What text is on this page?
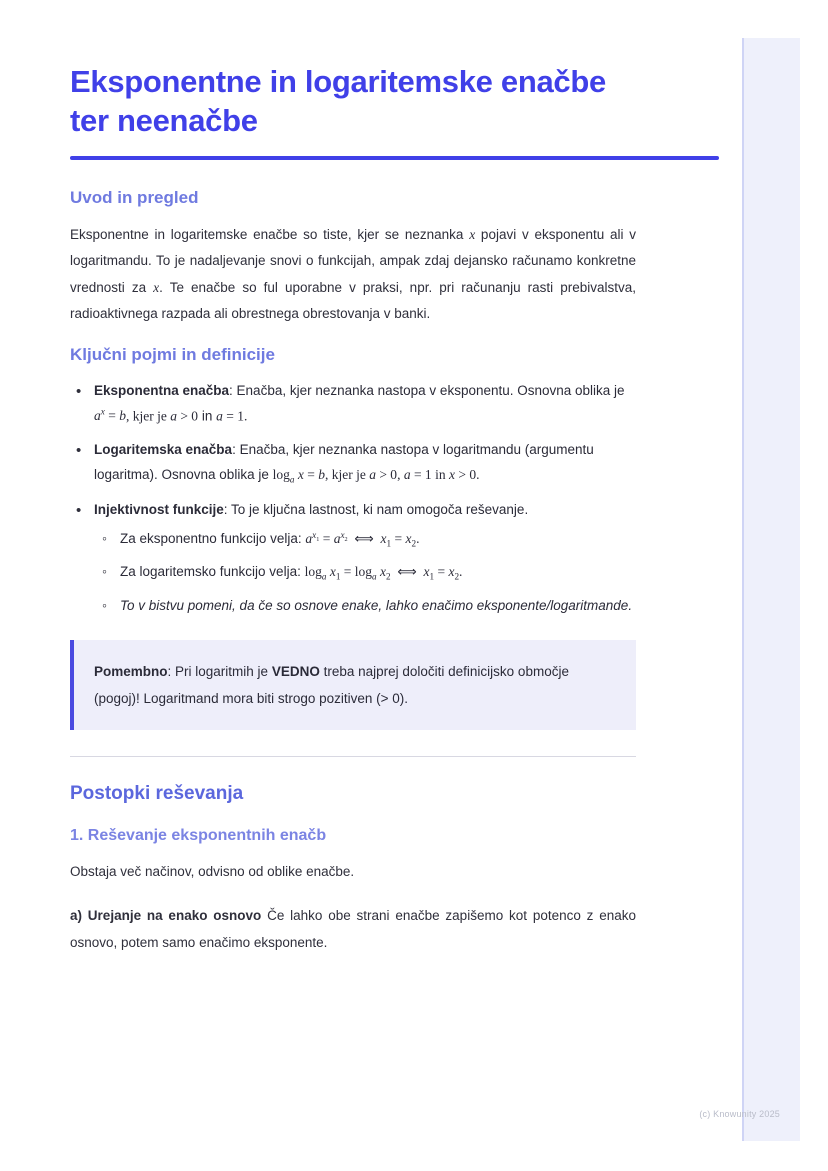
Eksponentne in logaritemske enačbe ter neenačbe
Uvod in pregled

Eksponentne in logaritemske enačbe so tiste, kjer se neznanka x pojavi v eksponentu ali v logaritmandu. To je nadaljevanje snovi o funkcijah, ampak zdaj dejansko računamo konkretne vrednosti za x. Te enačbe so ful uporabne v praksi, npr. pri računanju rasti prebivalstva, radioaktivnega razpada ali obrestnega obrestovanja v banki.

Ključni pojmi in definicije
• Eksponentna enačba: Enačba, kjer neznanka nastopa v eksponentu. Osnovna oblika je $a^x = b$, kjer je a > 0 in a = 1.
• Logaritemska enačba: Enačba, kjer neznanka nastopa v logaritmandu (argumentu logaritma). Osnovna oblika je $\log_a x = b$, kjer je a > 0, a = 1 in x > 0.
• Injektivnost funkcije: To je ključna lastnost, ki nam omogoča reševanje.
◦ Za eksponentno funkcijo velja: $a^{x_1} = a^{x_2}$  ⟺  $x_1 = x_2$.
◦ Za logaritemsko funkcijo velja: $\log_a x_1 = \log_a x_2$  ⟺  $x_1 = x_2$.
◦ To v bistvu pomeni, da če so osnove enake, lahko enačimo eksponente/logaritmande.
Pomembno: Pri logaritmih je VEDNO treba najprej določiti definicijsko območje (pogoj)! Logaritmand mora biti strogo pozitiven (> 0).
Postopki reševanja
1. Reševanje eksponentnih enačb

Obstaja več načinov, odvisno od oblike enačbe.

a) Urejanje na enako osnovo Če lahko obe strani enačbe zapišemo kot potenco z enako osnovo, potem samo enačimo eksponente.

(c) Knowunity 2025
